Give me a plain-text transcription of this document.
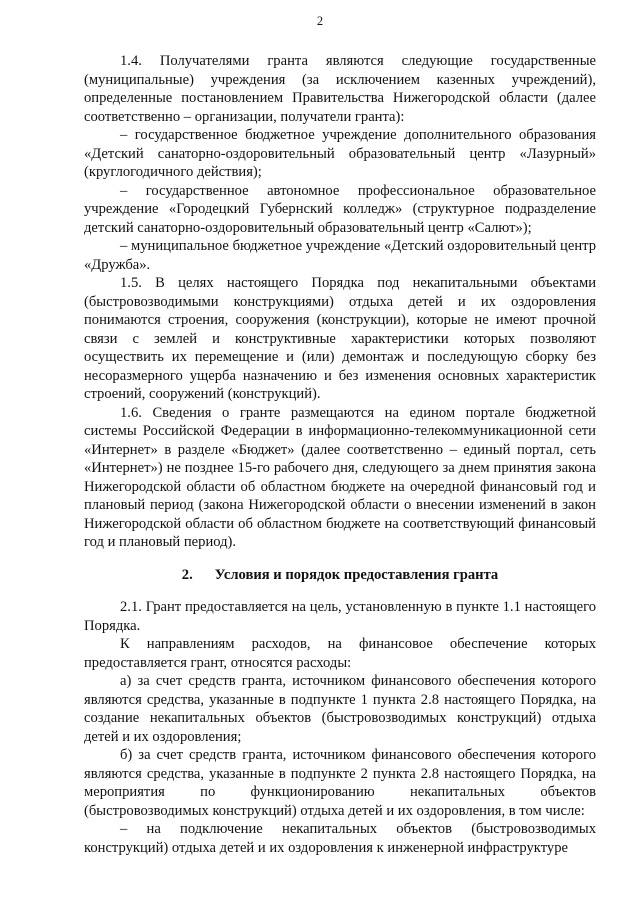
2

1.4. Получателями гранта являются следующие государственные (муниципальные) учреждения (за исключением казенных учреждений), определенные постановлением Правительства Нижегородской области (далее соответственно – организации, получатели гранта):

– государственное бюджетное учреждение дополнительного образования «Детский санаторно-оздоровительный образовательный центр «Лазурный» (круглогодичного действия);

– государственное автономное профессиональное образовательное учреждение «Городецкий Губернский колледж» (структурное подразделение детский санаторно-оздоровительный образовательный центр «Салют»);

– муниципальное бюджетное учреждение «Детский оздоровительный центр «Дружба».

1.5. В целях настоящего Порядка под некапитальными объектами (быстровозводимыми конструкциями) отдыха детей и их оздоровления понимаются строения, сооружения (конструкции), которые не имеют прочной связи с землей и конструктивные характеристики которых позволяют осуществить их перемещение и (или) демонтаж и последующую сборку без несоразмерного ущерба назначению и без изменения основных характеристик строений, сооружений (конструкций).

1.6. Сведения о гранте размещаются на едином портале бюджетной системы Российской Федерации в информационно-телекоммуникационной сети «Интернет» в разделе «Бюджет» (далее соответственно – единый портал, сеть «Интернет») не позднее 15-го рабочего дня, следующего за днем принятия закона Нижегородской области об областном бюджете на очередной финансовый год и плановый период (закона Нижегородской области о внесении изменений в закон Нижегородской области об областном бюджете на соответствующий финансовый год и плановый период).

2. Условия и порядок предоставления гранта

2.1. Грант предоставляется на цель, установленную в пункте 1.1 настоящего Порядка.

К направлениям расходов, на финансовое обеспечение которых предоставляется грант, относятся расходы:

а) за счет средств гранта, источником финансового обеспечения которого являются средства, указанные в подпункте 1 пункта 2.8 настоящего Порядка, на создание некапитальных объектов (быстровозводимых конструкций) отдыха детей и их оздоровления;

б) за счет средств гранта, источником финансового обеспечения которого являются средства, указанные в подпункте 2 пункта 2.8 настоящего Порядка, на мероприятия по функционированию некапитальных объектов (быстровозводимых конструкций) отдыха детей и их оздоровления, в том числе:

– на подключение некапитальных объектов (быстровозводимых конструкций) отдыха детей и их оздоровления к инженерной инфраструктуре
